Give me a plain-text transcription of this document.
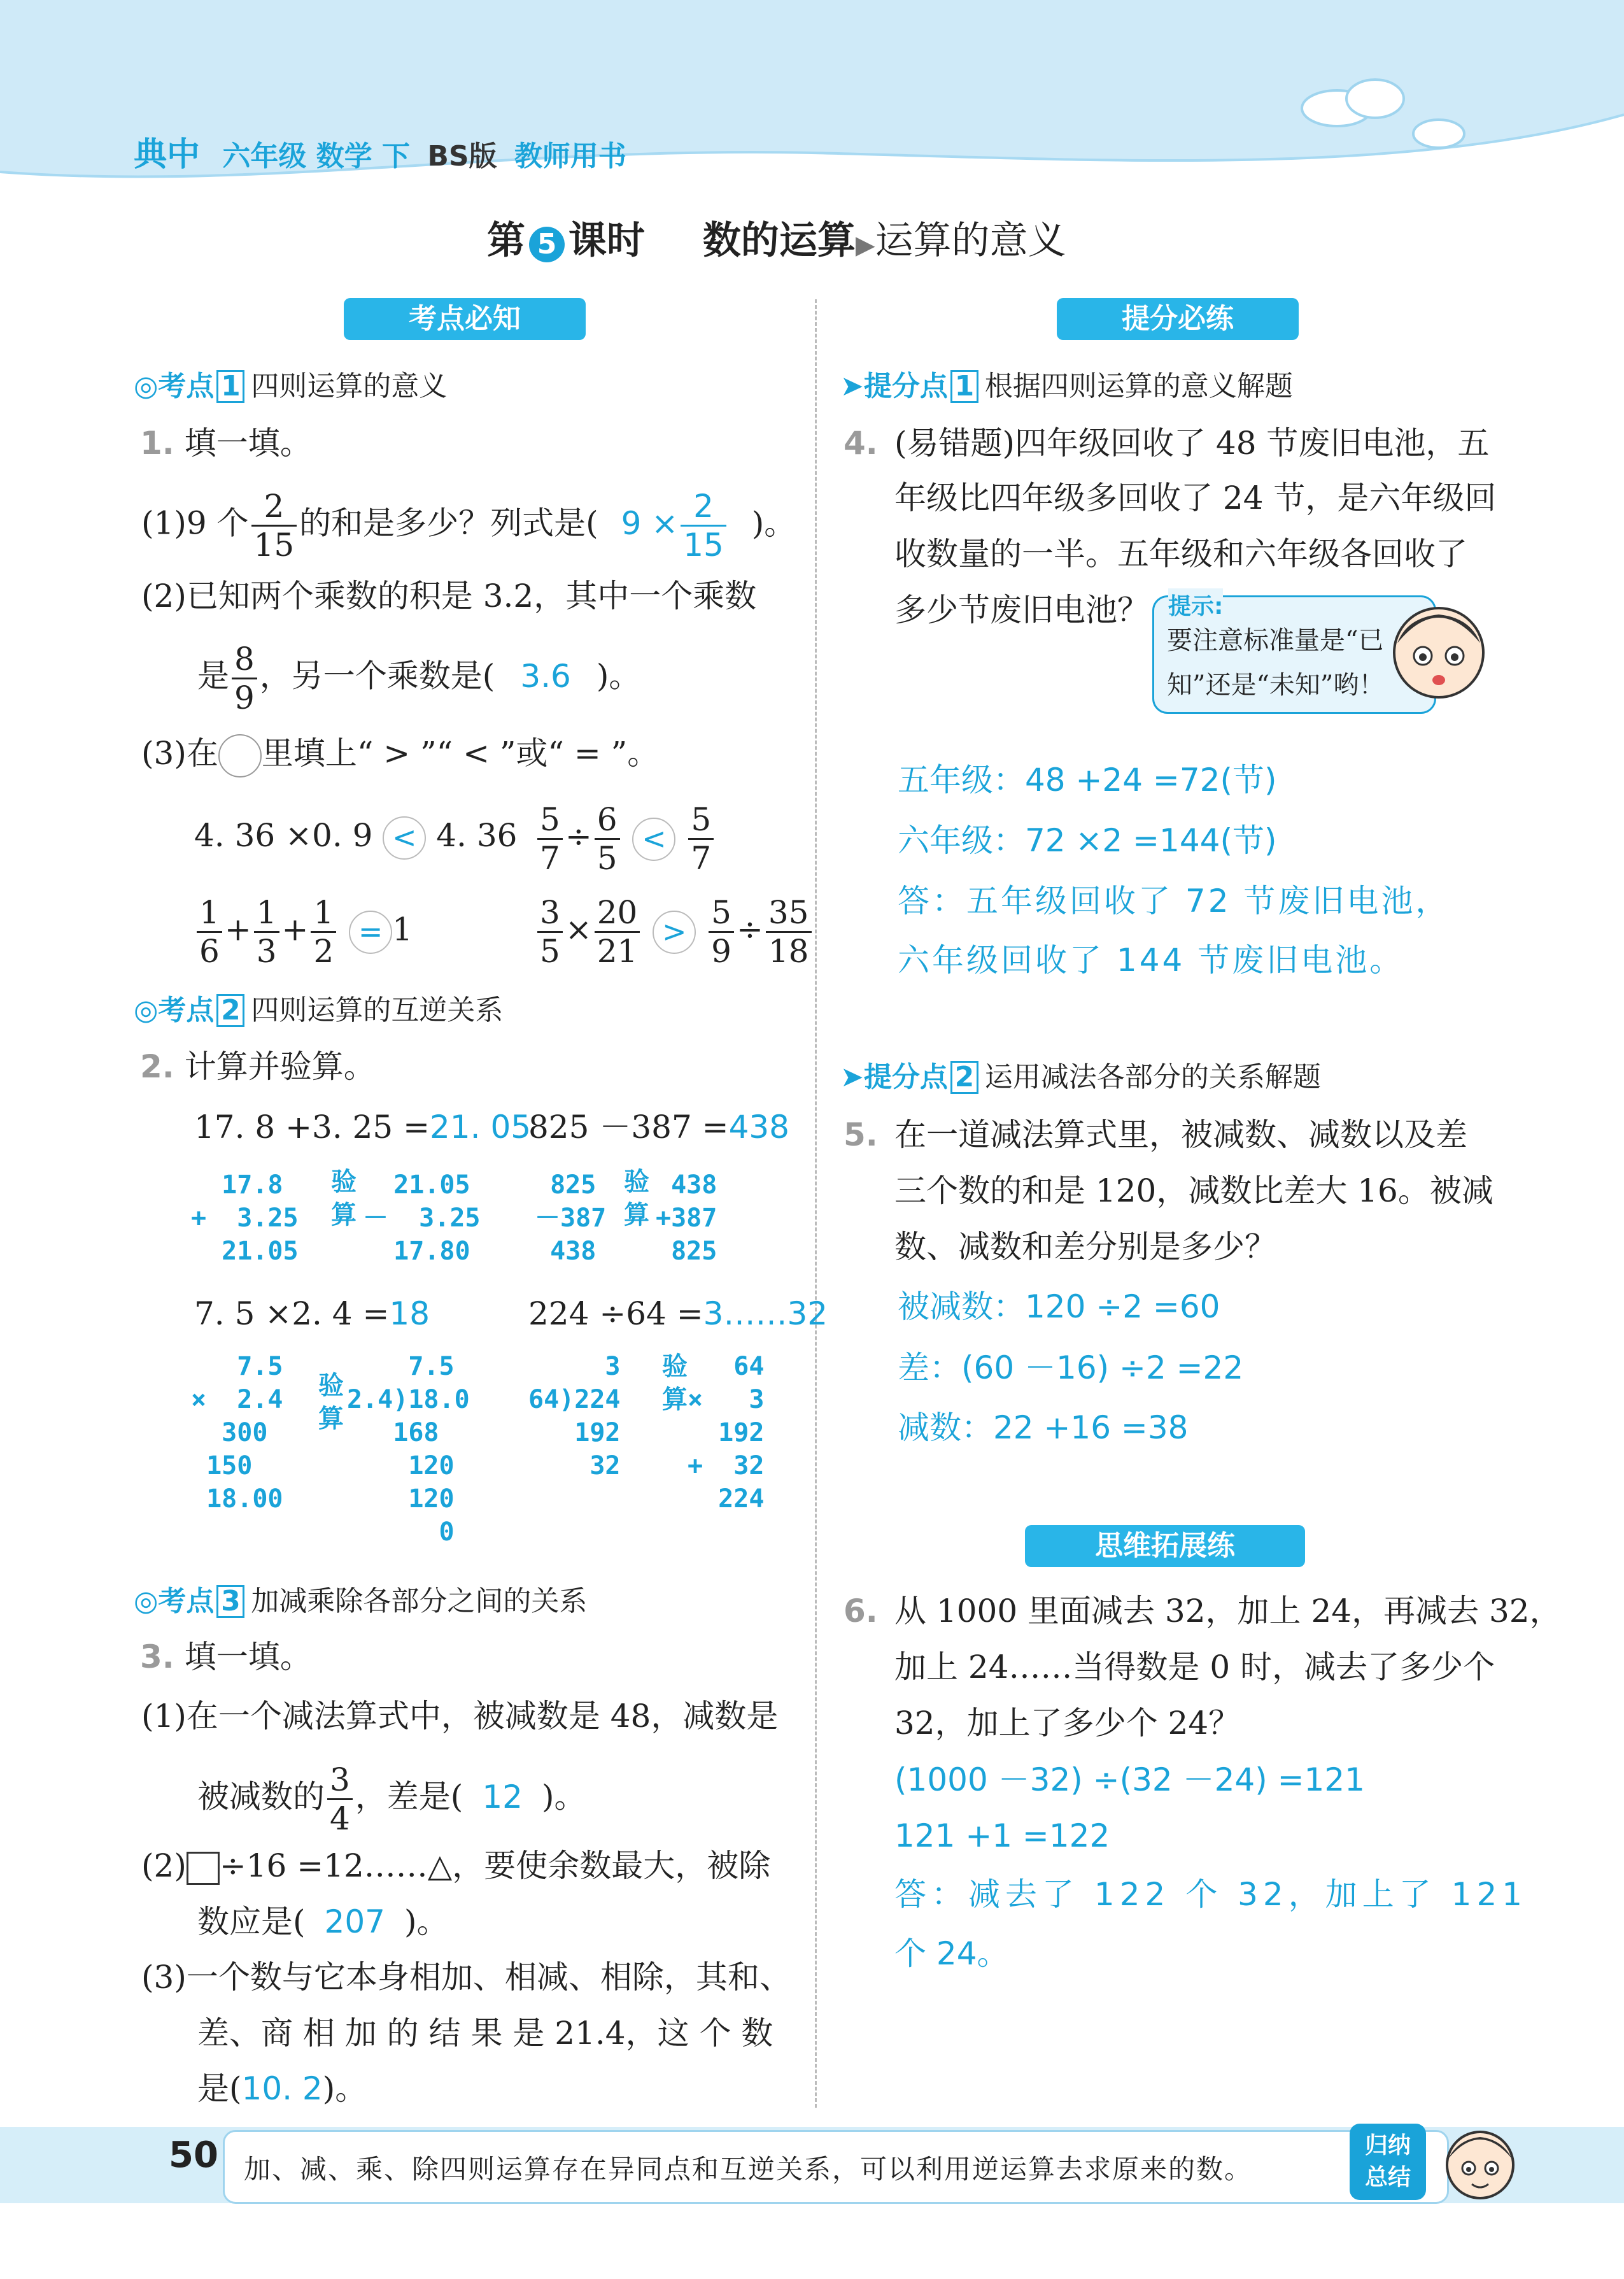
典中 六年级 数学 下 BS版 教师用书
第 5 课时 数的运算▶运算的意义
考点必知
◎考点 1 四则运算的意义
1. 填一填。
(1)9 个 $\frac{2}{15}$ 的和是多少？列式是( $9 \times \frac{2}{15}$ )。
(2)已知两个乘数的积是 3.2，其中一个乘数
是 $\frac{8}{9}$ ，另一个乘数是( 3.6 )。
(3)在 里填上“ > ”“ < ”或“ = ”。
4. 36 ×0. 9 < 4. $36 \frac{5}{7} \div \frac{6}{5} < \frac{5}{7}$
$\frac{1}{6} + \frac{1}{3} + \frac{1}{2} = 1$	$\frac{3}{5} \times \frac{20}{21} > \frac{5}{9} \div \frac{35}{18}$
◎考点 2 四则运算的互逆关系
2. 计算并验算。
17. 8 +3. 25 =21. 05
825 －387 =438
17.8
+  3.25
21.05
验
算
21.05
－  3.25
17.80
825
－387
438
验
算
438
+387
825
7. 5 ×2. 4 =18	224 ÷64 =3……32
7.5
×  2.4
300
150
18.00
验
算
7.5
2.4)18.0
168
120
120
0
3
64)224
192
32
验
算
64
×   3
192
+  32
224
◎考点 3 加减乘除各部分之间的关系
3. 填一填。
(1)在一个减法算式中，被减数是 48，减数是
被减数的 $\frac{3}{4}$ ，差是( 12 )。
(2) ÷16 =12……△，要使余数最大，被除
数应是( 207 )。
(3)一个数与它本身相加、相减、相除，其和、
差、商 相 加 的 结 果 是 21.4，这 个 数
是(10. 2)。
提分必练
➤提分点 1 根据四则运算的意义解题
4. (易错题)四年级回收了 48 节废旧电池，五
年级比四年级多回收了 24 节，是六年级回
收数量的一半。五年级和六年级各回收了
多少节废旧电池？ 提示:
要注意标准量是“已
知”还是“未知”哟！
五年级：48 +24 =72(节)
六年级：72 ×2 =144(节)
答：五年级回收了 72 节废旧电池，
六年级回收了 144 节废旧电池。
➤提分点 2 运用减法各部分的关系解题
5. 在一道减法算式里，被减数、减数以及差
三个数的和是 120，减数比差大 16。被减
数、减数和差分别是多少？
被减数：120 ÷2 =60
差：(60 －16) ÷2 =22
减数：22 +16 =38
思维拓展练
6. 从 1000 里面减去 32，加上 24，再减去 32，
加上 24……当得数是 0 时，减去了多少个
32，加上了多少个 24？
(1000 －32) ÷(32 －24) =121
121 +1 =122
答：减去了 122 个 32，加上了 121
个 24。
50 加、减、乘、除四则运算存在异同点和互逆关系，可以利用逆运算去求原来的数。
归纳
总结
